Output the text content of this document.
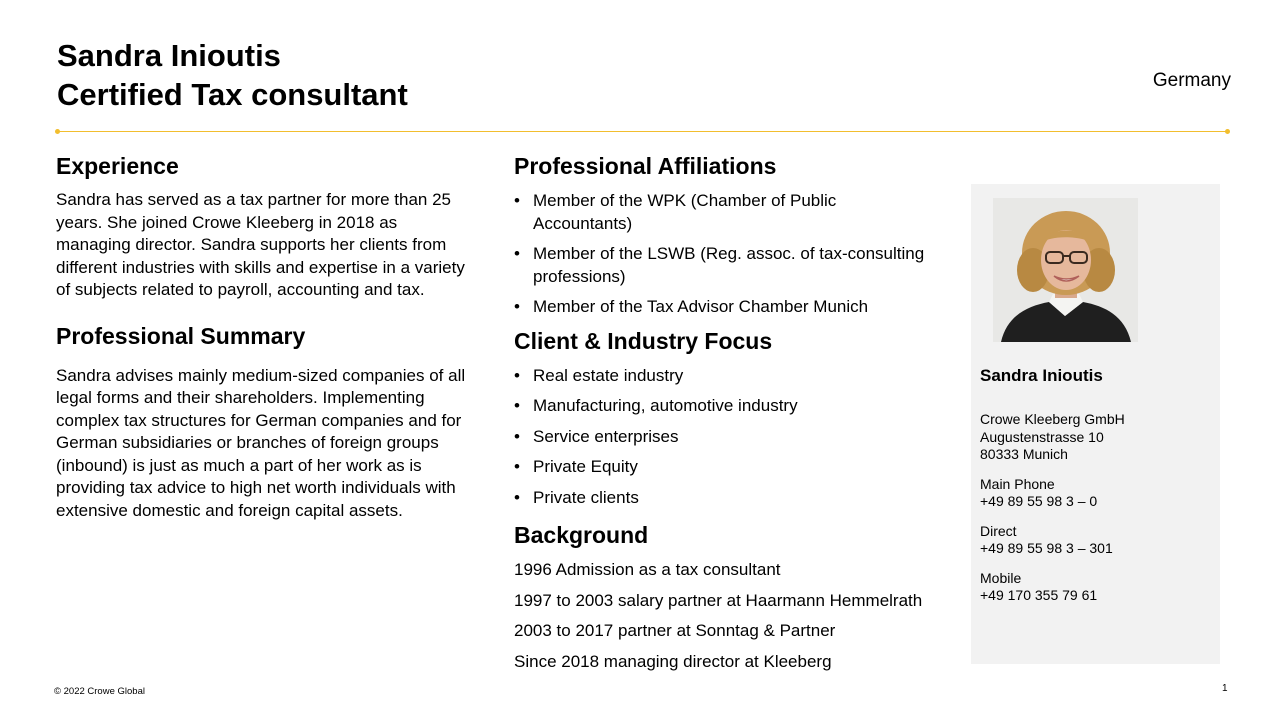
Sandra Inioutis
Certified Tax consultant	Germany
Experience
Sandra has served as a tax partner for more than 25 years. She joined Crowe Kleeberg in 2018 as managing director. Sandra supports her clients from different industries with skills and expertise in a variety of subjects related to payroll, accounting and tax.
Professional Summary
Sandra advises mainly medium-sized companies of all legal forms and their shareholders. Implementing complex tax structures for German companies and for German subsidiaries or branches of foreign groups (inbound) is just as much a part of her work as is providing tax advice to high net worth individuals with extensive domestic and foreign capital assets.
Professional Affiliations
• Member of the WPK (Chamber of Public Accountants)
• Member of the LSWB (Reg. assoc. of tax-consulting professions)
• Member of the Tax Advisor Chamber Munich
Client & Industry Focus
• Real estate industry
• Manufacturing, automotive industry
• Service enterprises
• Private Equity
• Private clients
Background
1996 Admission as a tax consultant
1997 to 2003 salary partner at Haarmann Hemmelrath
2003 to 2017 partner at Sonntag & Partner
Since 2018 managing director at Kleeberg
Sandra Inioutis
Crowe Kleeberg GmbH
Augustenstrasse 10
80333 Munich
Main Phone
+49 89 55 98 3 – 0
Direct
+49 89 55 98 3 – 301
Mobile
+49 170 355 79 61
© 2022 Crowe Global	1
